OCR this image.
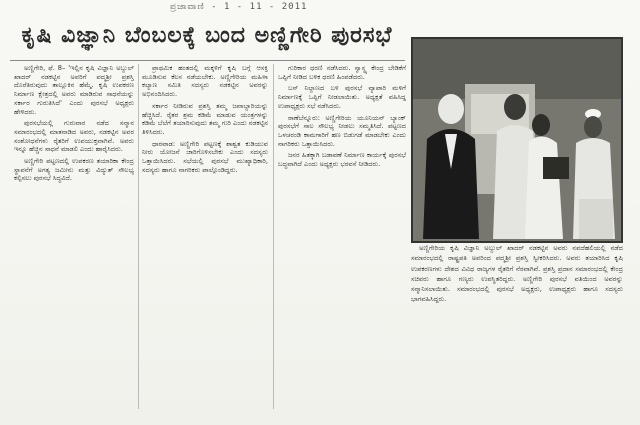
ಪ್ರಜಾವಾಣಿ - 1 - 11 - 2011
ಕೃಷಿ ವಿಜ್ಞಾನಿ ಬೆಂಬಲಕ್ಕೆ ಬಂದ ಅಣ್ಣಿಗೇರಿ ಪುರಸಭೆ

ಅಣ್ಣಿಗೇರಿ, ಫೆ. 8– 'ಇಲ್ಲಿನ ಕೃಷಿ ವಿಜ್ಞಾನಿ ಅಬ್ದುಲ್ ಖಾದರ್ ನಡಕಟ್ಟಿನ ಅವರಿಗೆ ಪದ್ಮಶ್ರೀ ಪ್ರಶಸ್ತಿ ದೊರೆತಿರುವುದು ತಾಲ್ಲೂಕಿನ ಹೆಮ್ಮೆ. ಕೃಷಿ ಉಪಕರಣ ನಿರ್ಮಾಣ ಕ್ಷೇತ್ರದಲ್ಲಿ ಅವರು ಮಾಡಿರುವ ಸಾಧನೆಯನ್ನು ಸರ್ಕಾರ ಗುರುತಿಸಿದೆ' ಎಂದು ಪುರಸಭೆ ಅಧ್ಯಕ್ಷರು ಹೇಳಿದರು.

ಪುರಸಭೆಯಲ್ಲಿ ಗುರುವಾರ ನಡೆದ ಸನ್ಮಾನ ಸಮಾರಂಭದಲ್ಲಿ ಮಾತನಾಡಿದ ಅವರು, ನಡಕಟ್ಟಿನ ಅವರ ಸಂಶೋಧನೆಗಳು ರೈತರಿಗೆ ಉಪಯುಕ್ತವಾಗಿವೆ. ಅವರು ಇನ್ನೂ ಹೆಚ್ಚಿನ ಸಾಧನೆ ಮಾಡಲಿ ಎಂದು ಹಾರೈಸಿದರು.

ಅಣ್ಣಿಗೇರಿ ಪಟ್ಟಣದಲ್ಲಿ ಉಪಕರಣ ತಯಾರಿಕಾ ಕೇಂದ್ರ ಸ್ಥಾಪನೆಗೆ ಅಗತ್ಯ ಜಮೀನು ಮತ್ತು ವಿದ್ಯುತ್ ಸೌಲಭ್ಯ ಕಲ್ಪಿಸಲು ಪುರಸಭೆ ಸಿದ್ಧವಿದೆ.

ಪ್ರಾಥಮಿಕ ಹಂತದಲ್ಲಿ ಮಕ್ಕಳಿಗೆ ಕೃಷಿ ಬಗ್ಗೆ ಆಸಕ್ತಿ ಮೂಡಿಸುವ ಕೆಲಸ ನಡೆಯಬೇಕು. ಅಣ್ಣಿಗೇರಿಯ ಮಹಿಳಾ ಕಲ್ಯಾಣ ಸಮಿತಿ ಸದಸ್ಯರು ನಡಕಟ್ಟಿನ ಅವರನ್ನು ಅಭಿನಂದಿಸಿದರು.

ಸರ್ಕಾರ ನೀಡಿರುವ ಪ್ರಶಸ್ತಿ ತಮ್ಮ ಜವಾಬ್ದಾರಿಯನ್ನು ಹೆಚ್ಚಿಸಿದೆ. ರೈತರ ಶ್ರಮ ಕಡಿಮೆ ಮಾಡುವ ಯಂತ್ರಗಳನ್ನು ಕಡಿಮೆ ಬೆಲೆಗೆ ತಯಾರಿಸುವುದು ತಮ್ಮ ಗುರಿ ಎಂದು ನಡಕಟ್ಟಿನ ತಿಳಿಸಿದರು.

ಧಾರವಾಡ: ಅಣ್ಣಿಗೇರಿ ಪಟ್ಟಣಕ್ಕೆ ಶಾಶ್ವತ ಕುಡಿಯುವ ನೀರು ಯೋಜನೆ ಜಾರಿಗೊಳಿಸಬೇಕು ಎಂದು ಸದಸ್ಯರು ಒತ್ತಾಯಿಸಿದರು. ಸಭೆಯಲ್ಲಿ ಪುರಸಭೆ ಮುಖ್ಯಾಧಿಕಾರಿ, ಸದಸ್ಯರು ಹಾಗೂ ನಾಗರಿಕರು ಪಾಲ್ಗೊಂಡಿದ್ದರು.

ಗುರಿಕಾರ ಧರಣಿ ನಡೆಸಿದರು. ಸ್ವಾಸ್ಥ್ಯ ಕೇಂದ್ರ ಬೇಡಿಕೆಗೆ ಒಪ್ಪಿಗೆ ನೀಡಿದ ಬಳಿಕ ಧರಣಿ ಹಿಂಪಡೆದರು.

ಬಸ್ ನಿಲ್ದಾಣದ ಬಳಿ ಪುರಸಭೆ ವ್ಯಾಪಾರಿ ಮಳಿಗೆ ನಿರ್ಮಾಣಕ್ಕೆ ಒಪ್ಪಿಗೆ ನೀಡಲಾಯಿತು. ಅಧ್ಯಕ್ಷತೆ ವಹಿಸಿದ್ದ ಉಪಾಧ್ಯಕ್ಷರು ಸಭೆ ನಡೆಸಿದರು.

ರಾಣೆಬೆನ್ನೂರು: ಅಣ್ಣಿಗೇರಿಯ ಯೂನಿಯನ್ ಬ್ಯಾಂಕ್ ಪುರಸಭೆಗೆ ಸಾಲ ಸೌಲಭ್ಯ ನೀಡಲು ಸಮ್ಮತಿಸಿದೆ. ಪಟ್ಟಣದ ಒಳಚರಂಡಿ ಕಾಮಗಾರಿಗೆ ಹಣ ಬಿಡುಗಡೆ ಮಾಡಬೇಕು ಎಂದು ನಾಗರಿಕರು ಒತ್ತಾಯಿಸಿದರು.

ಜನರ ಹಿತಕ್ಕಾಗಿ ಬಡಾವಣೆ ನಿರ್ಮಾಣ ಕಾರ್ಯಕ್ಕೆ ಪುರಸಭೆ ಬದ್ಧವಾಗಿದೆ ಎಂದು ಅಧ್ಯಕ್ಷರು ಭರವಸೆ ನೀಡಿದರು.

ಅಣ್ಣಿಗೇರಿಯ ಕೃಷಿ ವಿಜ್ಞಾನಿ ಅಬ್ದುಲ್ ಖಾದರ್ ನಡಕಟ್ಟಿನ ಅವರು ನವದೆಹಲಿಯಲ್ಲಿ ನಡೆದ ಸಮಾರಂಭದಲ್ಲಿ ರಾಷ್ಟ್ರಪತಿ ಅವರಿಂದ ಪದ್ಮಶ್ರೀ ಪ್ರಶಸ್ತಿ ಸ್ವೀಕರಿಸಿದರು. ಅವರು ತಯಾರಿಸಿದ ಕೃಷಿ ಉಪಕರಣಗಳು ದೇಶದ ವಿವಿಧ ರಾಜ್ಯಗಳ ರೈತರಿಗೆ ನೆರವಾಗಿವೆ. ಪ್ರಶಸ್ತಿ ಪ್ರದಾನ ಸಮಾರಂಭದಲ್ಲಿ ಕೇಂದ್ರ ಸಚಿವರು ಹಾಗೂ ಗಣ್ಯರು ಉಪಸ್ಥಿತರಿದ್ದರು. ಅಣ್ಣಿಗೇರಿ ಪುರಸಭೆ ವತಿಯಿಂದ ಅವರನ್ನು ಸನ್ಮಾನಿಸಲಾಯಿತು. ಸಮಾರಂಭದಲ್ಲಿ ಪುರಸಭೆ ಅಧ್ಯಕ್ಷರು, ಉಪಾಧ್ಯಕ್ಷರು ಹಾಗೂ ಸದಸ್ಯರು ಭಾಗವಹಿಸಿದ್ದರು.
